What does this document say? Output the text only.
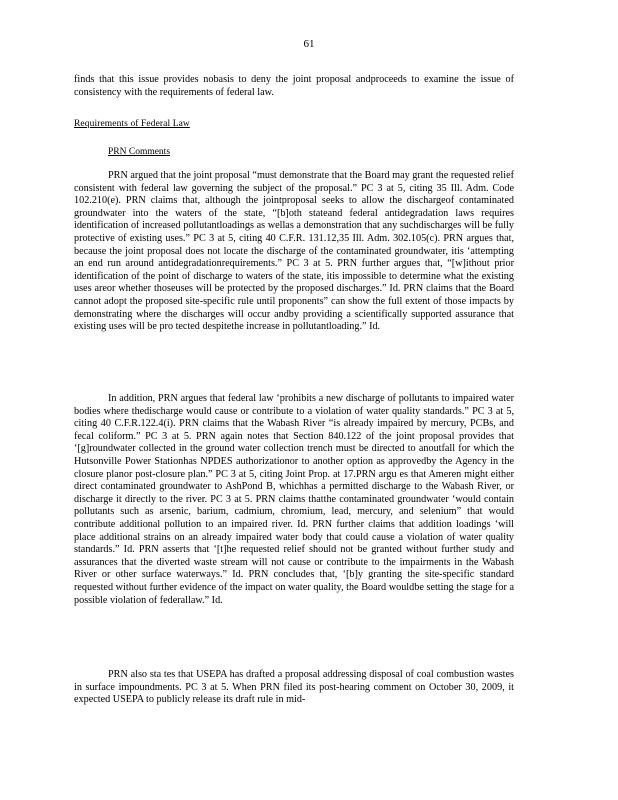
61

finds that this issue provides nobasis to deny the joint proposal andproceeds to examine the issue of consistency with the requirements of federal law.

Requirements of Federal Law
PRN Comments

PRN argued that the joint proposal “must demonstrate that the Board may grant the requested relief consistent with federal law governing the subject of the proposal.” PC 3 at 5, citing 35 Ill. Adm. Code 102.210(e). PRN claims that, although the jointproposal seeks to allow the dischargeof contaminated groundwater into the waters of the state, “[b]oth stateand federal antidegradation laws requires identification of increased pollutantloadings as wellas a demonstration that any suchdischarges will be fully protective of existing uses.” PC 3 at 5, citing 40 C.F.R. 131.12,35 Ill. Adm. 302.105(c). PRN argues that, because the joint proposal does not locate the discharge of the contaminated groundwater, itis ‘attempting an end run around antidegradationrequirements.” PC 3 at 5. PRN further argues that, “[w]ithout prior identification of the point of discharge to waters of the state, itis impossible to determine what the existing uses areor whether thoseuses will be protected by the proposed discharges.” Id. PRN claims that the Board cannot adopt the proposed site-specific rule until proponents” can show the full extent of those impacts by demonstrating where the discharges will occur andby providing a scientifically supported assurance that existing uses will be pro tected despitethe increase in pollutantloading.” Id.

In addition, PRN argues that federal law ‘prohibits a new discharge of pollutants to impaired water bodies where thedischarge would cause or contribute to a violation of water quality standards.” PC 3 at 5, citing 40 C.F.R.122.4(i). PRN claims that the Wabash River “is already impaired by mercury, PCBs, and fecal coliform.” PC 3 at 5. PRN again notes that Section 840.122 of the joint proposal provides that ‘[g]roundwater collected in the ground water collection trench must be directed to anoutfall for which the Hutsonville Power Stationhas NPDES authorizationor to another option as approvedby the Agency in the closure planor post-closure plan.” PC 3 at 5, citing Joint Prop. at 17.PRN argu es that Ameren might either direct contaminated groundwater to AshPond B, whichhas a permitted discharge to the Wabash River, or discharge it directly to the river. PC 3 at 5. PRN claims thatthe contaminated groundwater ‘would contain pollutants such as arsenic, barium, cadmium, chromium, lead, mercury, and selenium” that would contribute additional pollution to an impaired river. Id. PRN further claims that addition loadings ‘will place additional strains on an already impaired water body that could cause a violation of water quality standards.” Id. PRN asserts that ‘[t]he requested relief should not be granted without further study and assurances that the diverted waste stream will not cause or contribute to the impairments in the Wabash River or other surface waterways.” Id. PRN concludes that, ‘[b]y granting the site-specific standard requested without further evidence of the impact on water quality, the Board wouldbe setting the stage for a possible violation of federallaw.” Id.

PRN also sta tes that USEPA has drafted a proposal addressing disposal of coal combustion wastes in surface impoundments. PC 3 at 5. When PRN filed its post-hearing comment on October 30, 2009, it expected USEPA to publicly release its draft rule in mid-
